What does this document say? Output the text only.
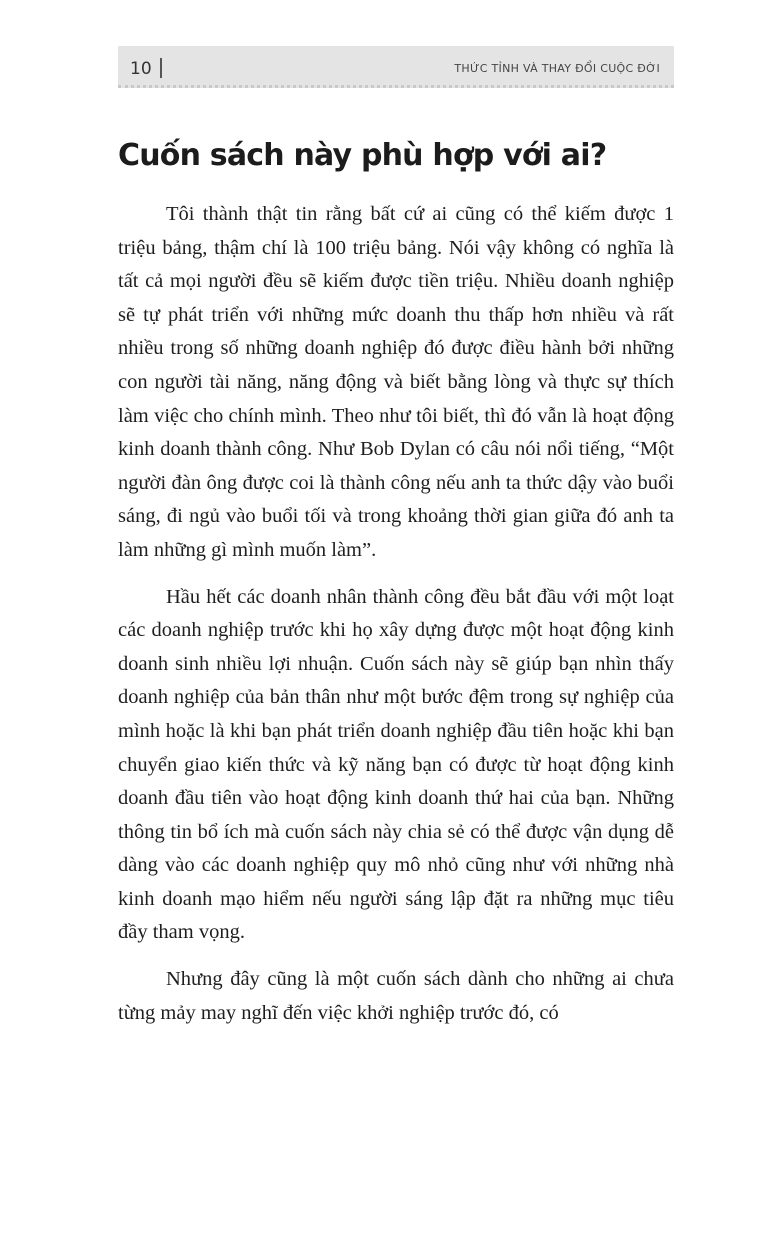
10	THỨC TỈNH VÀ THAY ĐỔI CUỘC ĐỜI
Cuốn sách này phù hợp với ai?

Tôi thành thật tin rằng bất cứ ai cũng có thể kiếm được 1 triệu bảng, thậm chí là 100 triệu bảng. Nói vậy không có nghĩa là tất cả mọi người đều sẽ kiếm được tiền triệu. Nhiều doanh nghiệp sẽ tự phát triển với những mức doanh thu thấp hơn nhiều và rất nhiều trong số những doanh nghiệp đó được điều hành bởi những con người tài năng, năng động và biết bằng lòng và thực sự thích làm việc cho chính mình. Theo như tôi biết, thì đó vẫn là hoạt động kinh doanh thành công. Như Bob Dylan có câu nói nổi tiếng, “Một người đàn ông được coi là thành công nếu anh ta thức dậy vào buổi sáng, đi ngủ vào buổi tối và trong khoảng thời gian giữa đó anh ta làm những gì mình muốn làm”.

Hầu hết các doanh nhân thành công đều bắt đầu với một loạt các doanh nghiệp trước khi họ xây dựng được một hoạt động kinh doanh sinh nhiều lợi nhuận. Cuốn sách này sẽ giúp bạn nhìn thấy doanh nghiệp của bản thân như một bước đệm trong sự nghiệp của mình hoặc là khi bạn phát triển doanh nghiệp đầu tiên hoặc khi bạn chuyển giao kiến thức và kỹ năng bạn có được từ hoạt động kinh doanh đầu tiên vào hoạt động kinh doanh thứ hai của bạn. Những thông tin bổ ích mà cuốn sách này chia sẻ có thể được vận dụng dễ dàng vào các doanh nghiệp quy mô nhỏ cũng như với những nhà kinh doanh mạo hiểm nếu người sáng lập đặt ra những mục tiêu đầy tham vọng.

Nhưng đây cũng là một cuốn sách dành cho những ai chưa từng mảy may nghĩ đến việc khởi nghiệp trước đó, có
